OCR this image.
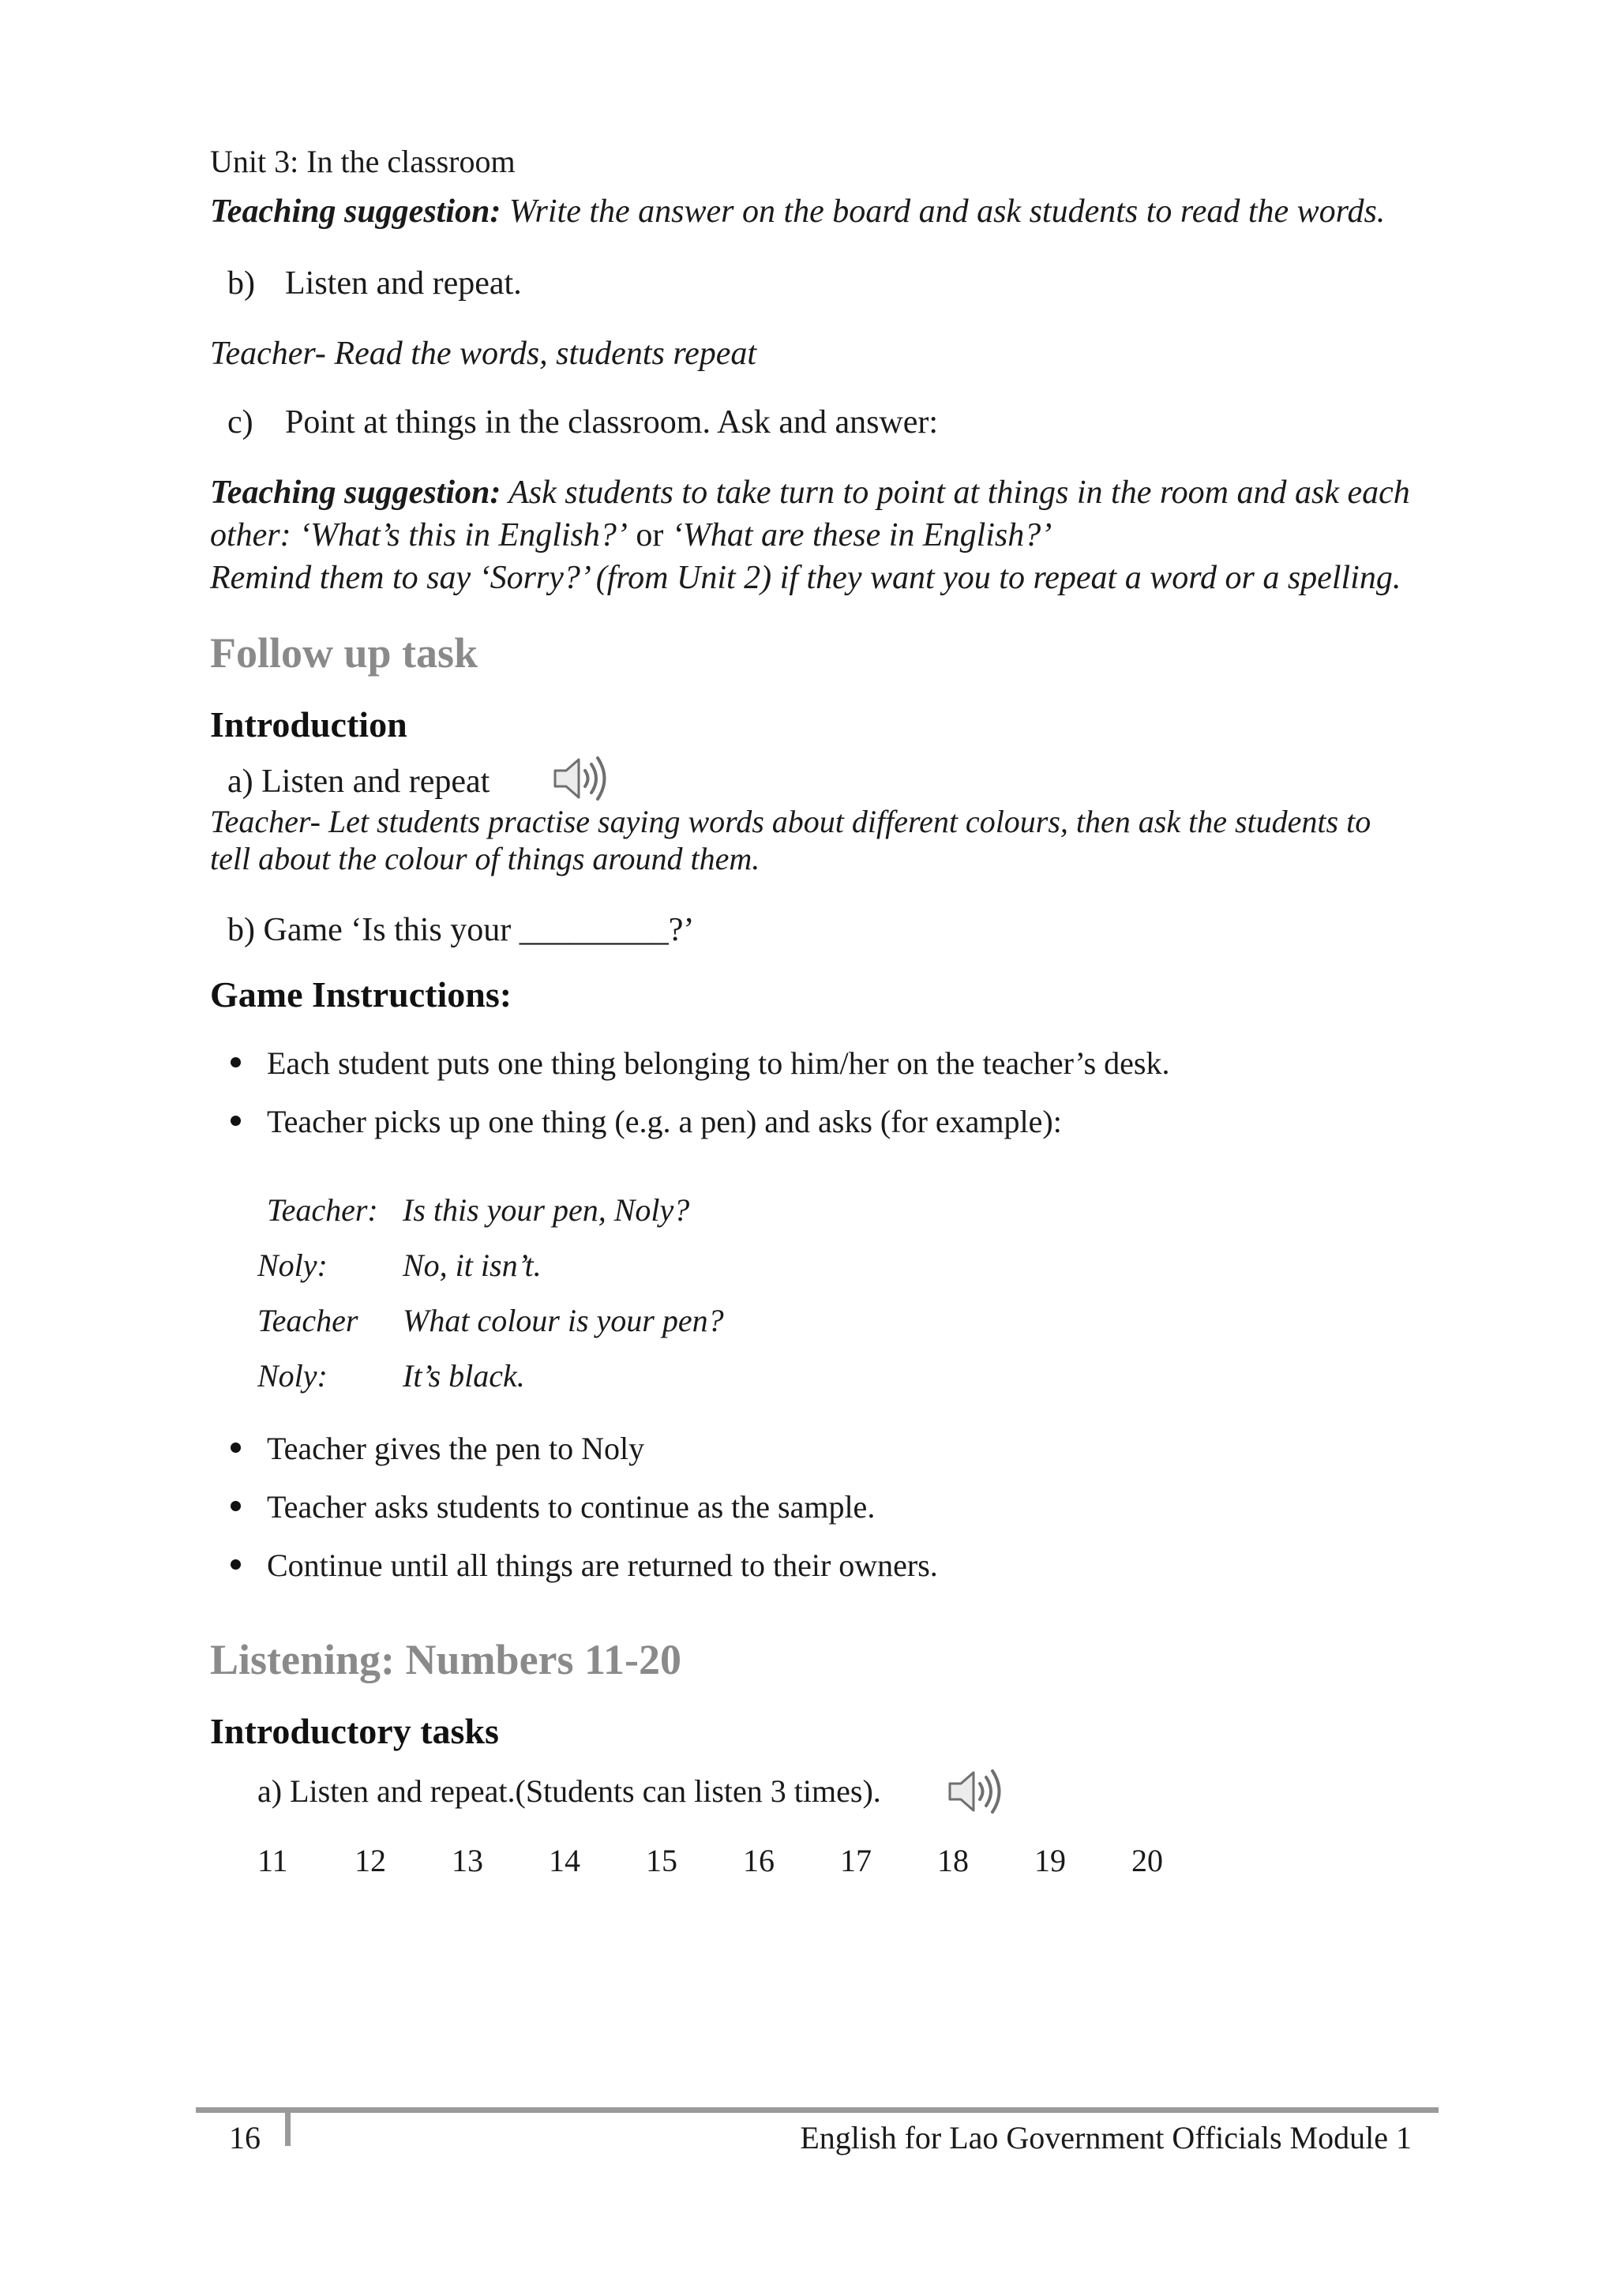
Unit 3: In the classroom
Teaching suggestion: Write the answer on the board and ask students to read the words.
b) Listen and repeat.
Teacher- Read the words, students repeat
c) Point at things in the classroom. Ask and answer:
Teaching suggestion: Ask students to take turn to point at things in the room and ask each
other: ‘What’s this in English?’ or ‘What are these in English?’
Remind them to say ‘Sorry?’ (from Unit 2) if they want you to repeat a word or a spelling.
Follow up task
Introduction
a) Listen and repeat
Teacher- Let students practise saying words about different colours, then ask the students to
tell about the colour of things around them.
b) Game ‘Is this your _________?’
Game Instructions:
Each student puts one thing belonging to him/her on the teacher’s desk.
Teacher picks up one thing (e.g. a pen) and asks (for example):
Teacher: Is this your pen, Noly?
Noly: No, it isn’t.
Teacher What colour is your pen?
Noly: It’s black.
Teacher gives the pen to Noly
Teacher asks students to continue as the sample.
Continue until all things are returned to their owners.
Listening: Numbers 11-20
Introductory tasks
a) Listen and repeat.(Students can listen 3 times).
11 12 13 14 15 16 17 18 19 20
16	English for Lao Government Officials Module 1
